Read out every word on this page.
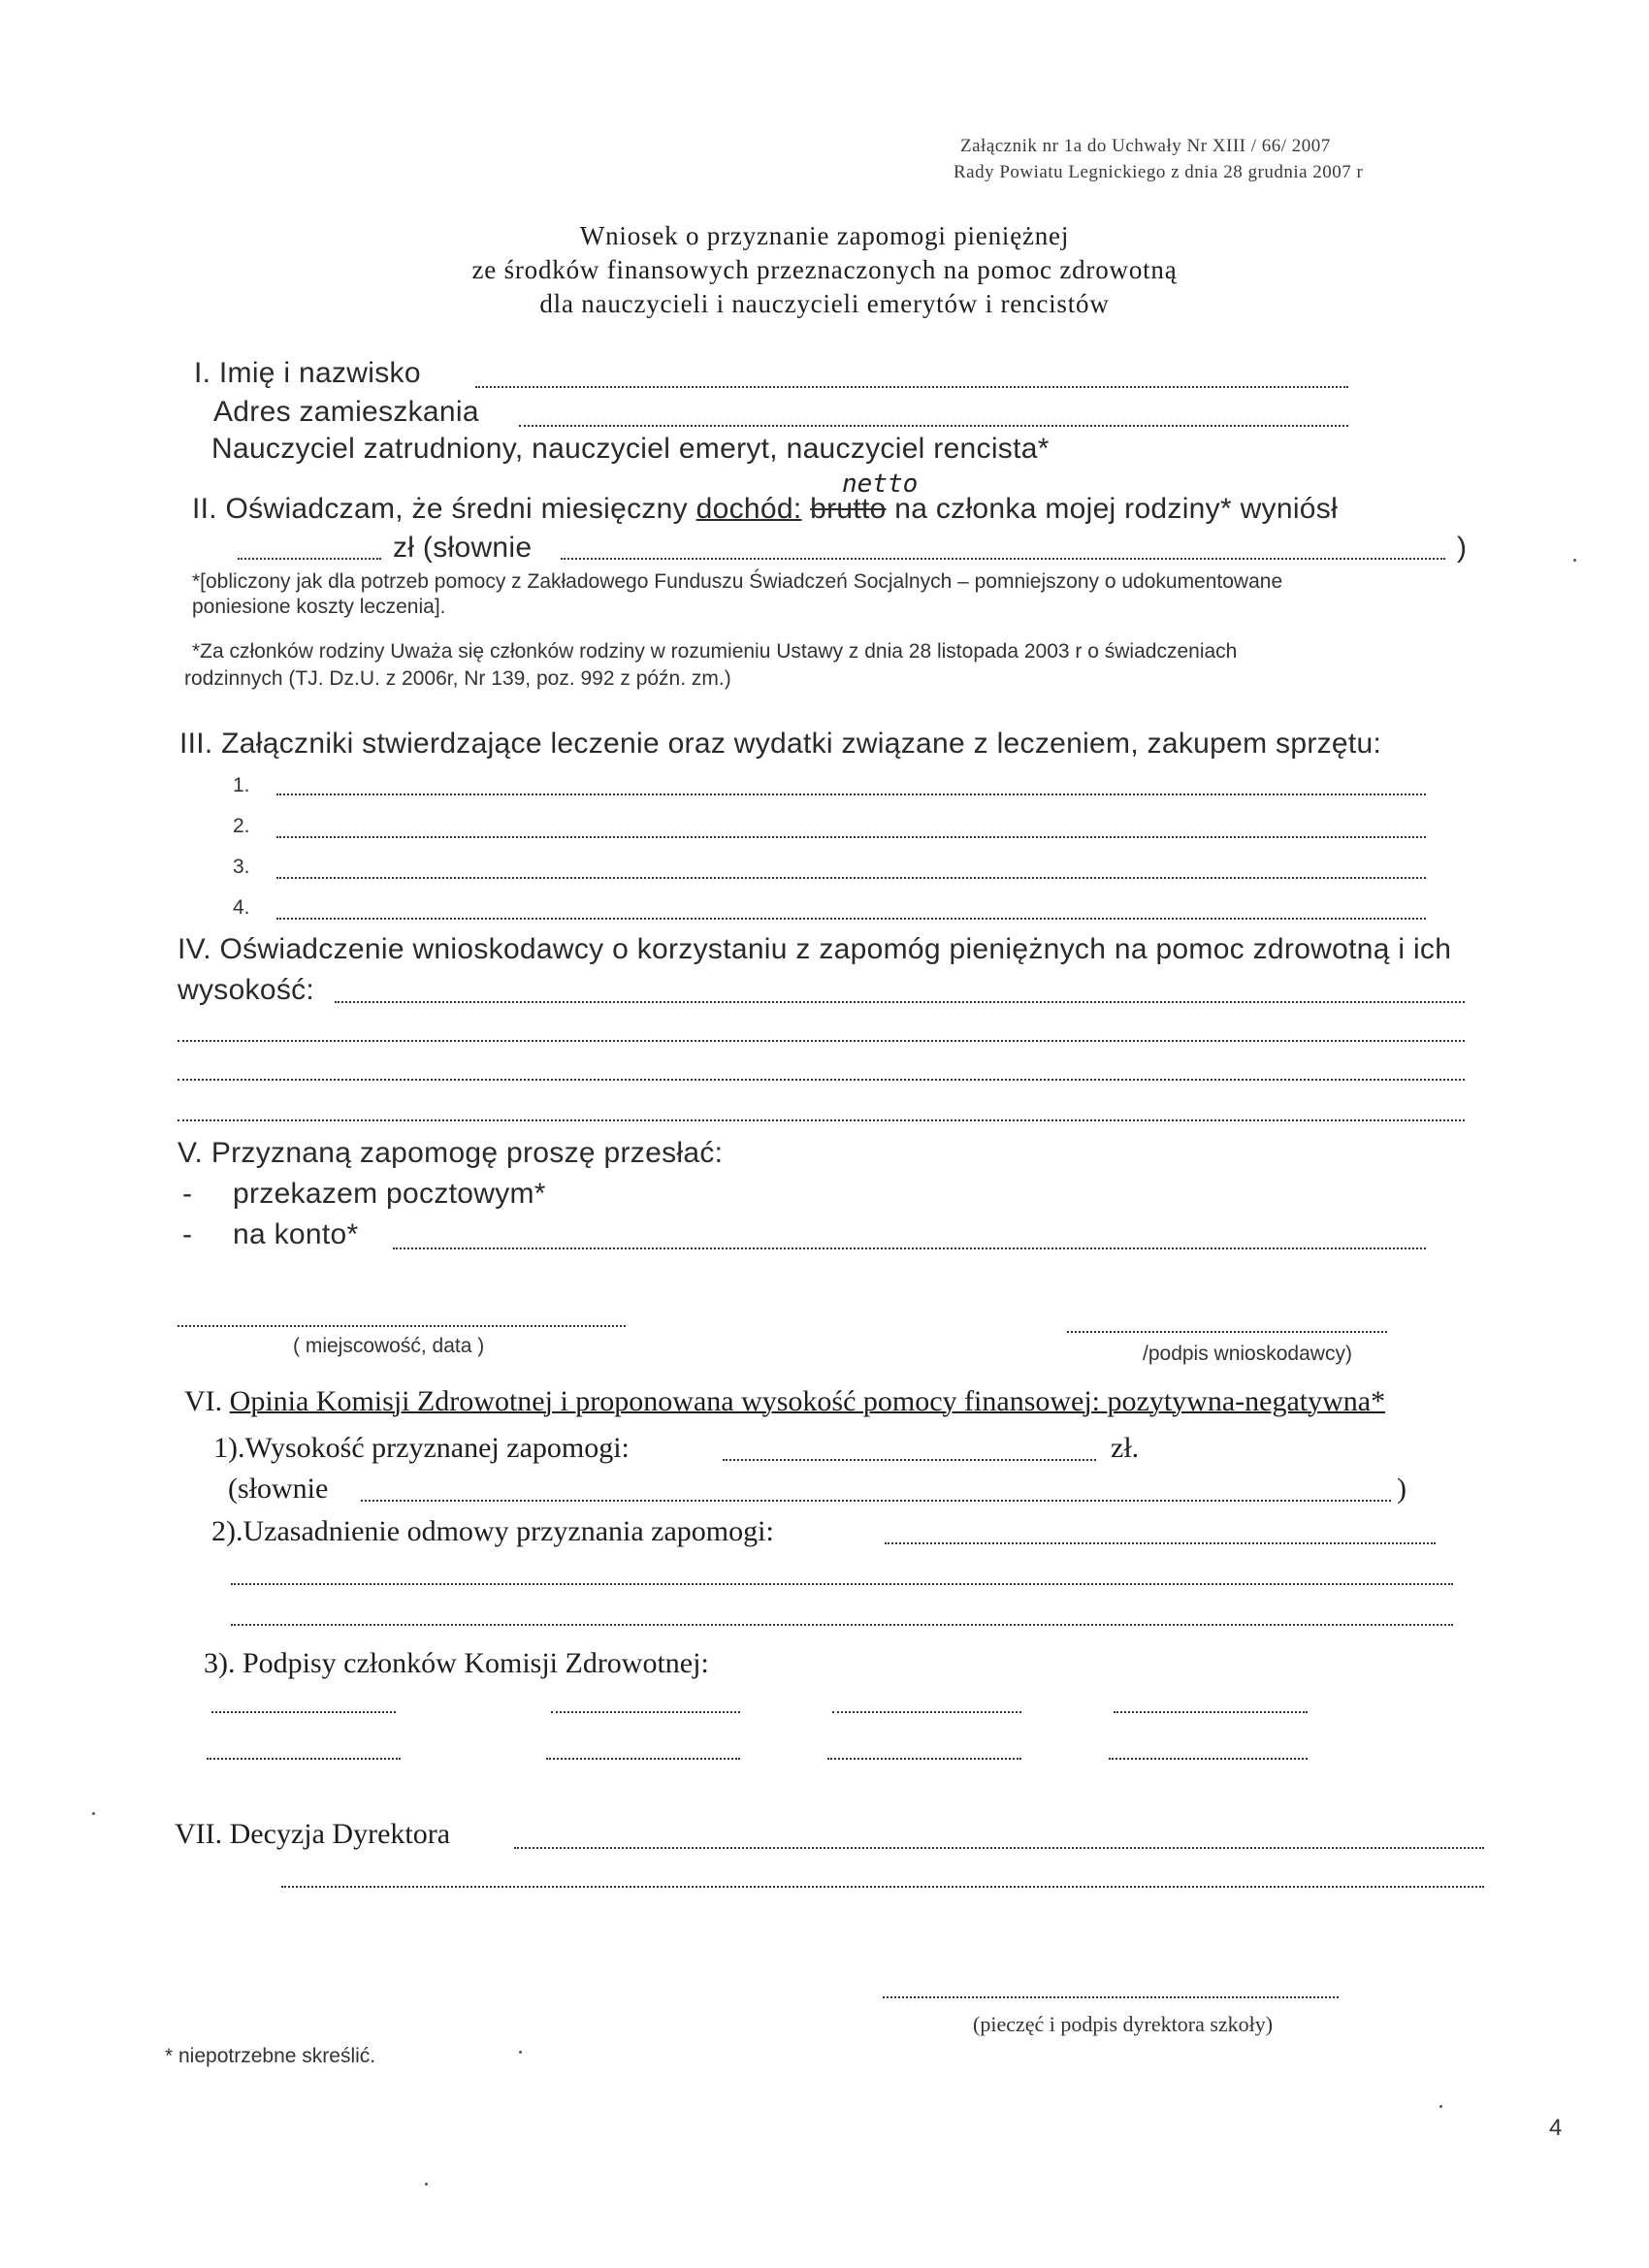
Załącznik nr 1a do Uchwały Nr XIII / 66/ 2007
Rady Powiatu Legnickiego z dnia 28 grudnia 2007 r
Wniosek o przyznanie zapomogi pieniężnej
ze środków finansowych przeznaczonych na pomoc zdrowotną
dla nauczycieli i nauczycieli emerytów i rencistów
I. Imię i nazwisko
Adres zamieszkania
Nauczyciel zatrudniony, nauczyciel emeryt, nauczyciel rencista*
netto
II. Oświadczam, że średni miesięczny dochód: brutto na członka mojej rodziny* wyniósł
zł (słownie	)
*[obliczony jak dla potrzeb pomocy z Zakładowego Funduszu Świadczeń Socjalnych – pomniejszony o udokumentowane
poniesione koszty leczenia].
*Za członków rodziny Uważa się członków rodziny w rozumieniu Ustawy z dnia 28 listopada 2003 r o świadczeniach
rodzinnych (TJ. Dz.U. z 2006r, Nr 139, poz. 992 z późn. zm.)
III. Załączniki stwierdzające leczenie oraz wydatki związane z leczeniem, zakupem sprzętu:
1.
2.
3.
4.
IV. Oświadczenie wnioskodawcy o korzystaniu z zapomóg pieniężnych na pomoc zdrowotną i ich
wysokość:
V. Przyznaną zapomogę proszę przesłać:
- przekazem pocztowym*
- na konto*
( miejscowość, data )	/podpis wnioskodawcy)
VI. Opinia Komisji Zdrowotnej i proponowana wysokość pomocy finansowej: pozytywna-negatywna*
1).Wysokość przyznanej zapomogi:	zł.
(słownie	)
2).Uzasadnienie odmowy przyznania zapomogi:
3). Podpisy członków Komisji Zdrowotnej:
VII. Decyzja Dyrektora
(pieczęć i podpis dyrektora szkoły)
* niepotrzebne skreślić.
4
